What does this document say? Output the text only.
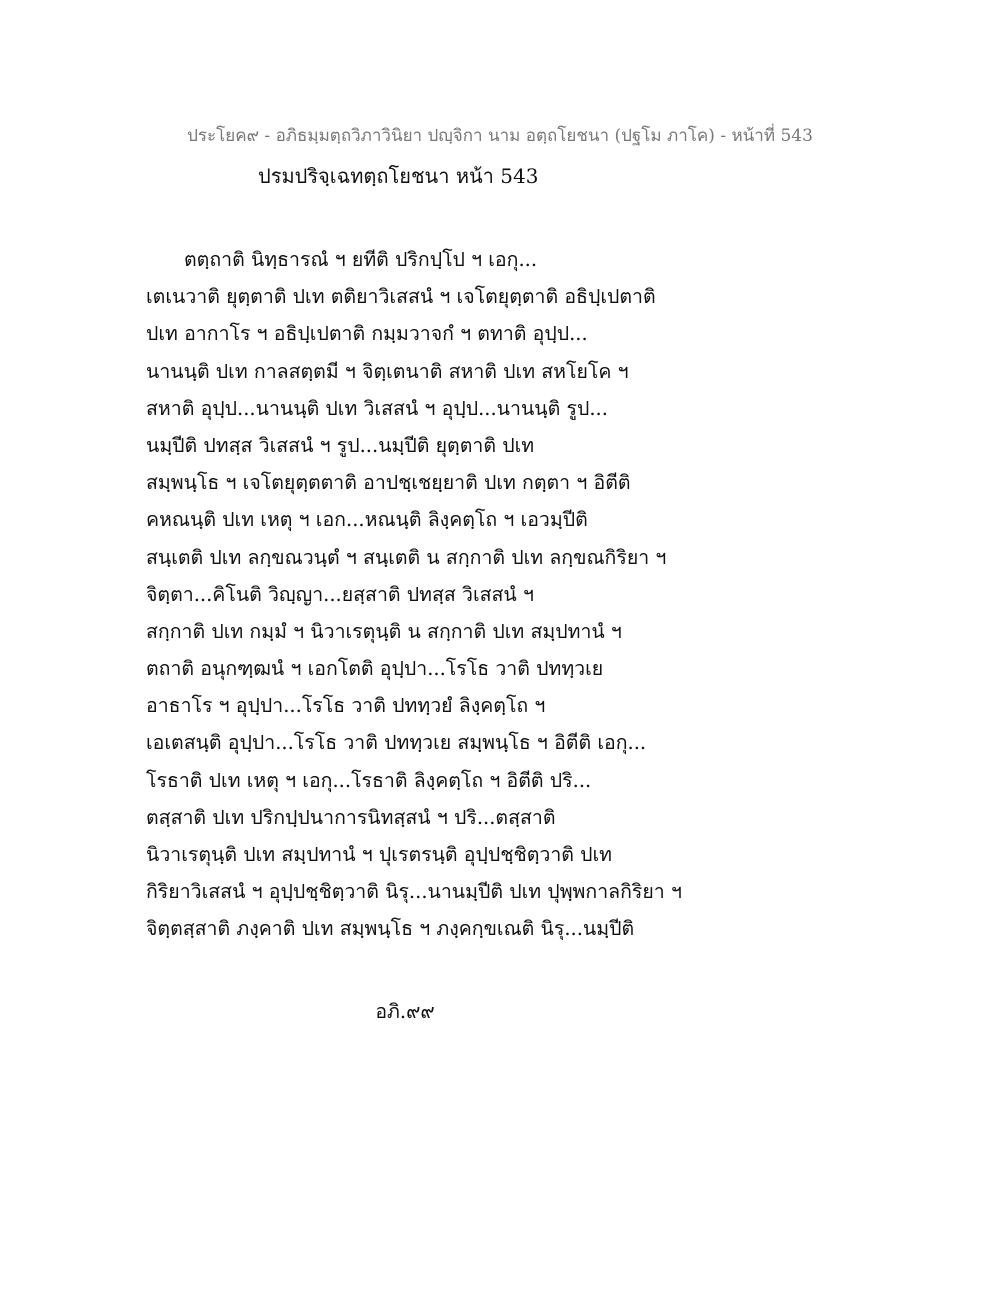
ประโยค๙ - อภิธมฺมตฺถวิภาวินิยา ปญฺจิกา นาม อตฺถโยชนา (ปฐโม ภาโค) - หน้าที่ 543
ปรมปริจฺเฉทตฺถโยชนา หน้า 543
ตตฺถาติ นิทฺธารณํ ฯ ยทีติ ปริกปฺโป ฯ เอกุ...
เตเนวาติ ยุตฺตาติ ปเท ตติยาวิเสสนํ ฯ เจโตยุตฺตาติ อธิปฺเปตาติ
ปเท อากาโร ฯ อธิปฺเปตาติ กมฺมวาจกํ ฯ ตทาติ อุปฺป...
นานนฺติ ปเท กาลสตฺตมี ฯ จิตฺเตนาติ สหาติ ปเท สหโยโค ฯ
สหาติ อุปฺป...นานนฺติ ปเท วิเสสนํ ฯ อุปฺป...นานนฺติ รูป...
นมฺปีติ ปทสฺส วิเสสนํ ฯ รูป...นมฺปีติ ยุตฺตาติ ปเท
สมฺพนฺโธ ฯ เจโตยุตฺตตาติ อาปชฺเชยฺยาติ ปเท กตฺตา ฯ อิตีติ
คหณนฺติ ปเท เหตุ ฯ เอก...หณนฺติ ลิงฺคตฺโถ ฯ เอวมฺปีติ
สนฺเตติ ปเท ลกฺขณวนฺตํ ฯ สนฺเตติ น สกฺกาติ ปเท ลกฺขณกิริยา ฯ
จิตฺตา...คิโนติ วิญฺญา...ยสฺสาติ ปทสฺส วิเสสนํ ฯ
สกฺกาติ ปเท กมฺมํ ฯ นิวาเรตุนฺติ น สกฺกาติ ปเท สมฺปทานํ ฯ
ตถาติ อนุกฑฺฒนํ ฯ เอกโตติ อุปฺปา...โรโธ วาติ ปททฺวเย
อาธาโร ฯ อุปฺปา...โรโธ วาติ ปททฺวยํ ลิงฺคตฺโถ ฯ
เอเตสนฺติ อุปฺปา...โรโธ วาติ ปททฺวเย สมฺพนฺโธ ฯ อิตีติ เอกุ...
โรธาติ ปเท เหตุ ฯ เอกุ...โรธาติ ลิงฺคตฺโถ ฯ อิตีติ ปริ...
ตสฺสาติ ปเท ปริกปฺปนาการนิทสฺสนํ ฯ ปริ...ตสฺสาติ
นิวาเรตุนฺติ ปเท สมฺปทานํ ฯ ปุเรตรนฺติ อุปฺปชฺชิตฺวาติ ปเท
กิริยาวิเสสนํ ฯ อุปฺปชฺชิตฺวาติ นิรุ...นานมฺปีติ ปเท ปุพฺพกาลกิริยา ฯ
จิตฺตสฺสาติ ภงฺคาติ ปเท สมฺพนฺโธ ฯ ภงฺคกฺขเณติ นิรุ...นมฺปีติ
อภิ.๙๙
